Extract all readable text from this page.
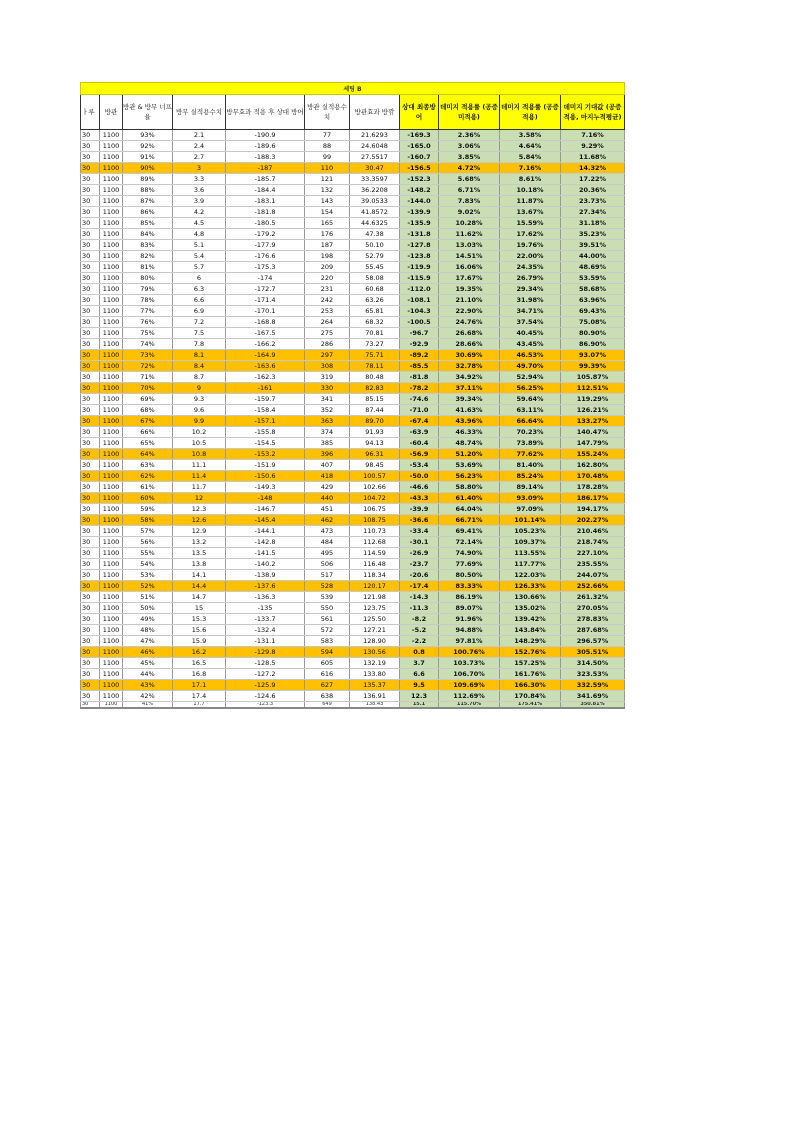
세팅 B										
ㅏ루	방관	방관 & 방무 너프율	방무 실적용수치	방무효과 적용 후 상대 방어	방관 실적용수치	방관효과 방깎	상대 최종방어	데미지 적용률 (공증미적용)	데미지 적용률 (공증적용)	데미지 기대값 (공증적용, 마지누적평균)
30	1100	93%	2.1	-190.9	77	21.6293	-169.3	2.36%	3.58%	7.16%
30	1100	92%	2.4	-189.6	88	24.6048	-165.0	3.06%	4.64%	9.29%
30	1100	91%	2.7	-188.3	99	27.5517	-160.7	3.85%	5.84%	11.68%
30	1100	90%	3	-187	110	30.47	-156.5	4.72%	7.16%	14.32%
30	1100	89%	3.3	-185.7	121	33.3597	-152.3	5.68%	8.61%	17.22%
30	1100	88%	3.6	-184.4	132	36.2208	-148.2	6.71%	10.18%	20.36%
30	1100	87%	3.9	-183.1	143	39.0533	-144.0	7.83%	11.87%	23.73%
30	1100	86%	4.2	-181.8	154	41.8572	-139.9	9.02%	13.67%	27.34%
30	1100	85%	4.5	-180.5	165	44.6325	-135.9	10.28%	15.59%	31.18%
30	1100	84%	4.8	-179.2	176	47.38	-131.8	11.62%	17.62%	35.23%
30	1100	83%	5.1	-177.9	187	50.10	-127.8	13.03%	19.76%	39.51%
30	1100	82%	5.4	-176.6	198	52.79	-123.8	14.51%	22.00%	44.00%
30	1100	81%	5.7	-175.3	209	55.45	-119.9	16.06%	24.35%	48.69%
30	1100	80%	6	-174	220	58.08	-115.9	17.67%	26.79%	53.59%
30	1100	79%	6.3	-172.7	231	60.68	-112.0	19.35%	29.34%	58.68%
30	1100	78%	6.6	-171.4	242	63.26	-108.1	21.10%	31.98%	63.96%
30	1100	77%	6.9	-170.1	253	65.81	-104.3	22.90%	34.71%	69.43%
30	1100	76%	7.2	-168.8	264	68.32	-100.5	24.76%	37.54%	75.08%
30	1100	75%	7.5	-167.5	275	70.81	-96.7	26.68%	40.45%	80.90%
30	1100	74%	7.8	-166.2	286	73.27	-92.9	28.66%	43.45%	86.90%
30	1100	73%	8.1	-164.9	297	75.71	-89.2	30.69%	46.53%	93.07%
30	1100	72%	8.4	-163.6	308	78.11	-85.5	32.78%	49.70%	99.39%
30	1100	71%	8.7	-162.3	319	80.48	-81.8	34.92%	52.94%	105.87%
30	1100	70%	9	-161	330	82.83	-78.2	37.11%	56.25%	112.51%
30	1100	69%	9.3	-159.7	341	85.15	-74.6	39.34%	59.64%	119.29%
30	1100	68%	9.6	-158.4	352	87.44	-71.0	41.63%	63.11%	126.21%
30	1100	67%	9.9	-157.1	363	89.70	-67.4	43.96%	66.64%	133.27%
30	1100	66%	10.2	-155.8	374	91.93	-63.9	46.33%	70.23%	140.47%
30	1100	65%	10.5	-154.5	385	94.13	-60.4	48.74%	73.89%	147.79%
30	1100	64%	10.8	-153.2	396	96.31	-56.9	51.20%	77.62%	155.24%
30	1100	63%	11.1	-151.9	407	98.45	-53.4	53.69%	81.40%	162.80%
30	1100	62%	11.4	-150.6	418	100.57	-50.0	56.23%	85.24%	170.48%
30	1100	61%	11.7	-149.3	429	102.66	-46.6	58.80%	89.14%	178.28%
30	1100	60%	12	-148	440	104.72	-43.3	61.40%	93.09%	186.17%
30	1100	59%	12.3	-146.7	451	106.75	-39.9	64.04%	97.09%	194.17%
30	1100	58%	12.6	-145.4	462	108.75	-36.6	66.71%	101.14%	202.27%
30	1100	57%	12.9	-144.1	473	110.73	-33.4	69.41%	105.23%	210.46%
30	1100	56%	13.2	-142.8	484	112.68	-30.1	72.14%	109.37%	218.74%
30	1100	55%	13.5	-141.5	495	114.59	-26.9	74.90%	113.55%	227.10%
30	1100	54%	13.8	-140.2	506	116.48	-23.7	77.69%	117.77%	235.55%
30	1100	53%	14.1	-138.9	517	118.34	-20.6	80.50%	122.03%	244.07%
30	1100	52%	14.4	-137.6	528	120.17	-17.4	83.33%	126.33%	252.66%
30	1100	51%	14.7	-136.3	539	121.98	-14.3	86.19%	130.66%	261.32%
30	1100	50%	15	-135	550	123.75	-11.3	89.07%	135.02%	270.05%
30	1100	49%	15.3	-133.7	561	125.50	-8.2	91.96%	139.42%	278.83%
30	1100	48%	15.6	-132.4	572	127.21	-5.2	94.88%	143.84%	287.68%
30	1100	47%	15.9	-131.1	583	128.90	-2.2	97.81%	148.29%	296.57%
30	1100	46%	16.2	-129.8	594	130.56	0.8	100.76%	152.76%	305.51%
30	1100	45%	16.5	-128.5	605	132.19	3.7	103.73%	157.25%	314.50%
30	1100	44%	16.8	-127.2	616	133.80	6.6	106.70%	161.76%	323.53%
30	1100	43%	17.1	-125.9	627	135.37	9.5	109.69%	166.30%	332.59%
30	1100	42%	17.4	-124.6	638	136.91	12.3	112.69%	170.84%	341.69%
30	1100	41%	17.7	-123.3	649	138.43	15.1	115.70%	175.41%	350.81%
